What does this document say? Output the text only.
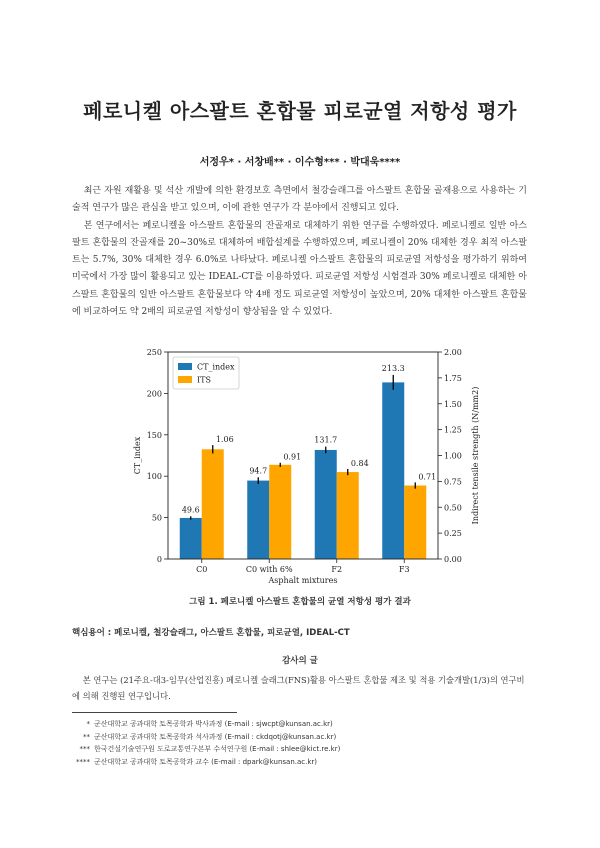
페로니켈 아스팔트 혼합물 피로균열 저항성 평가
서정우* · 서창배** · 이수형*** · 박대욱****

최근 자원 재활용 및 석산 개발에 의한 환경보호 측면에서 철강슬래그를 아스팔트 혼합물 골재용으로 사용하는 기술적 연구가 많은 관심을 받고 있으며, 이에 관한 연구가 각 분야에서 진행되고 있다.

본 연구에서는 페로니켈을 아스팔트 혼합물의 잔골재로 대체하기 위한 연구를 수행하였다. 페로니켈로 일반 아스팔트 혼합물의 잔골재를 20~30%로 대체하여 배합설계를 수행하였으며, 페로니켈이 20% 대체한 경우 최적 아스팔트는 5.7%, 30% 대체한 경우 6.0%로 나타났다. 페로니켈 아스팔트 혼합물의 피로균열 저항성을 평가하기 위하여 미국에서 가장 많이 활용되고 있는 IDEAL-CT를 이용하였다. 피로균열 저항성 시험결과 30% 페로니켈로 대체한 아스팔트 혼합물의 일반 아스팔트 혼합물보다 약 4배 정도 피로균열 저항성이 높았으며, 20% 대체한 아스팔트 혼합물에 비교하여도 약 2배의 피로균열 저항성이 향상됨을 알 수 있었다.

0
50
100
150
200
250
0.00
0.25
0.50
0.75
1.00
1.25
1.50
1.75
2.00
49.6
1.06
C0
94.7
0.91
C0 with 6%
131.7
0.84
F2
213.3
0.71
F3
Asphalt mixtures
CT_index	Indirect tensile strength (N/mm2)
CT_index
ITS
그림 1. 페로니켈 아스팔트 혼합물의 균열 저항성 평가 결과
핵심용어 : 페로니켈, 철강슬래그, 아스팔트 혼합물, 피로균열, IDEAL-CT
감사의 글

본 연구는 (21주요-대3-임무(산업진흥) 페로니켈 슬래그(FNS)활용 아스팔트 혼합물 제조 및 적용 기술개발(1/3)의 연구비에 의해 진행된 연구입니다.

* 군산대학교 공과대학 토목공학과 박사과정 (E-mail : sjwcpt@kunsan.ac.kr)
** 군산대학교 공과대학 토목공학과 석사과정 (E-mail : ckdqotj@kunsan.ac.kr)
*** 한국건설기술연구원 도로교통연구본부 수석연구원 (E-mail : shlee@kict.re.kr)
**** 군산대학교 공과대학 토목공학과 교수 (E-mail : dpark@kunsan.ac.kr)
